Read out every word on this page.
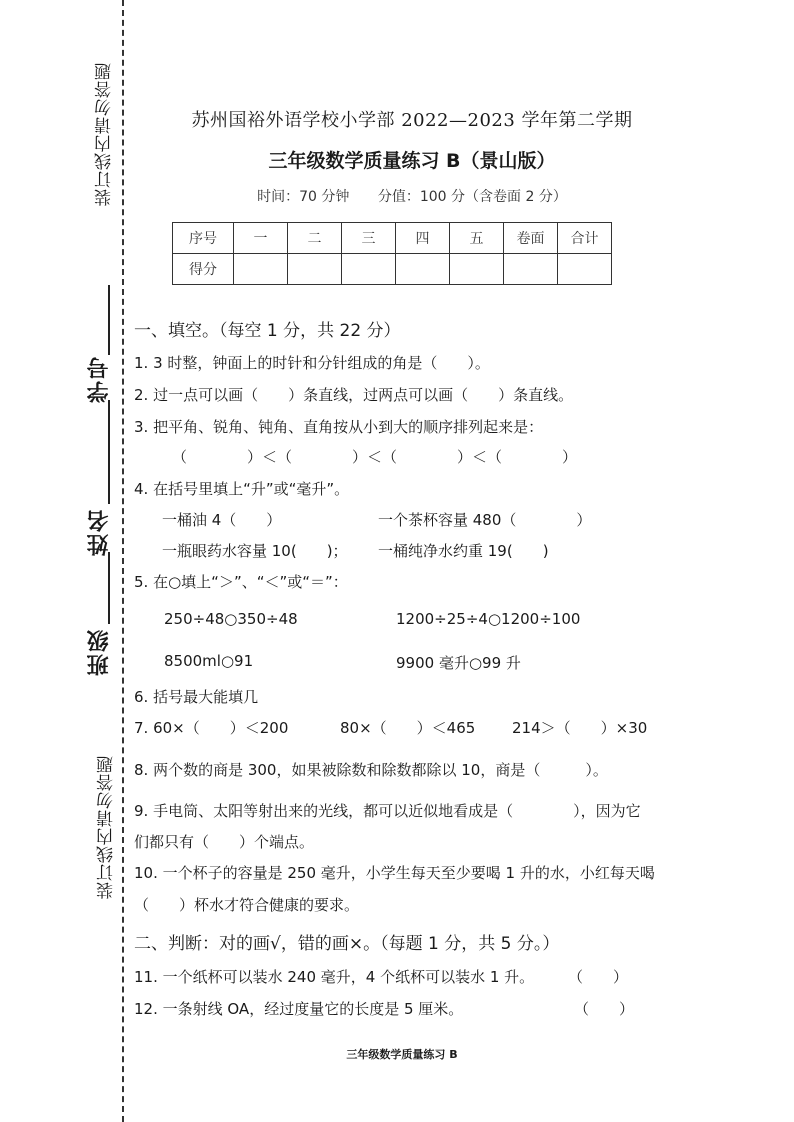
装订线内请勿答题
装订线内请勿答题
学号
姓名
班级
苏州国裕外语学校小学部 2022—2023 学年第二学期
三年级数学质量练习 B（景山版）
时间：70 分钟 分值：100 分（含卷面 2 分）
序号	一	二	三	四	五	卷面	合计
得分							
一、填空。（每空 1 分，共 22 分）
1. 3 时整，钟面上的时针和分针组成的角是（　　）。
2. 过一点可以画（　　）条直线，过两点可以画（　　）条直线。
3. 把平角、锐角、钝角、直角按从小到大的顺序排列起来是：
（　　　　）＜（　　　　）＜（　　　　）＜（　　　　）
4. 在括号里填上“升”或“毫升”。
一桶油 4（　　）	一个茶杯容量 480（　　　　）
一瓶眼药水容量 10(　　)； 一桶纯净水约重 19(　　)
5. 在○填上“＞”、“＜”或“＝”：
250÷48○350÷48	1200÷25÷4○1200÷100
8500ml○91	9900 毫升○99 升
6. 括号最大能填几
7. 60×（　　）＜200	80×（　　）＜465 214＞（　　）×30
8. 两个数的商是 300，如果被除数和除数都除以 10，商是（　　　）。
9. 手电筒、太阳等射出来的光线，都可以近似地看成是（　　　　），因为它
们都只有（　　）个端点。
10. 一个杯子的容量是 250 毫升，小学生每天至少要喝 1 升的水，小红每天喝
（　　）杯水才符合健康的要求。
二、判断：对的画√，错的画×。（每题 1 分，共 5 分。）
11. 一个纸杯可以装水 240 毫升，4 个纸杯可以装水 1 升。 （　　）
12. 一条射线 OA，经过度量它的长度是 5 厘米。	（　　）
三年级数学质量练习 B
